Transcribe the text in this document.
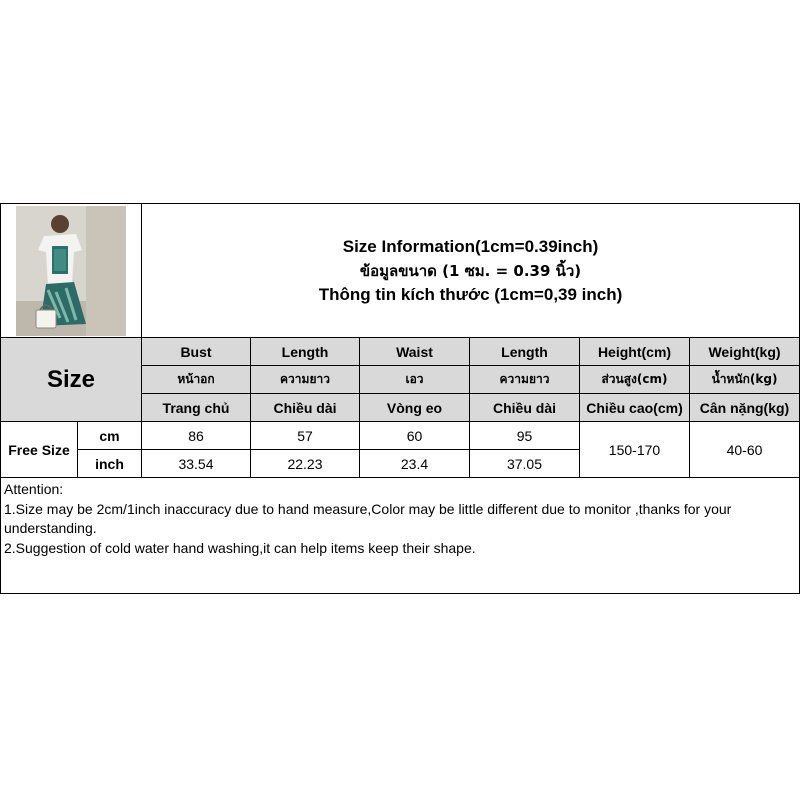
Size Information(1cm=0.39inch)
ข้อมูลขนาด (1 ซม. = 0.39 นิ้ว)
Thông tin kích thước (1cm=0,39 inch)					

Size		Bust	Length	Waist	Length	Height(cm)	Weight(kg)
		หน้าอก	ความยาว	เอว	ความยาว	ส่วนสูง(cm)	น้ำหนัก(kg)
		Trang chủ	Chiều dài	Vòng eo	Chiều dài	Chiều cao(cm)	Cân nặng(kg)
Free Size	cm	86	57	60	95	150-170	40-60
	inch	33.54	22.23	23.4	37.05		

Attention:
1.Size may be 2cm/1inch inaccuracy due to hand measure,Color may be little different due to monitor ,thanks for your understanding.
2.Suggestion of cold water hand washing,it can help items keep their shape.							
